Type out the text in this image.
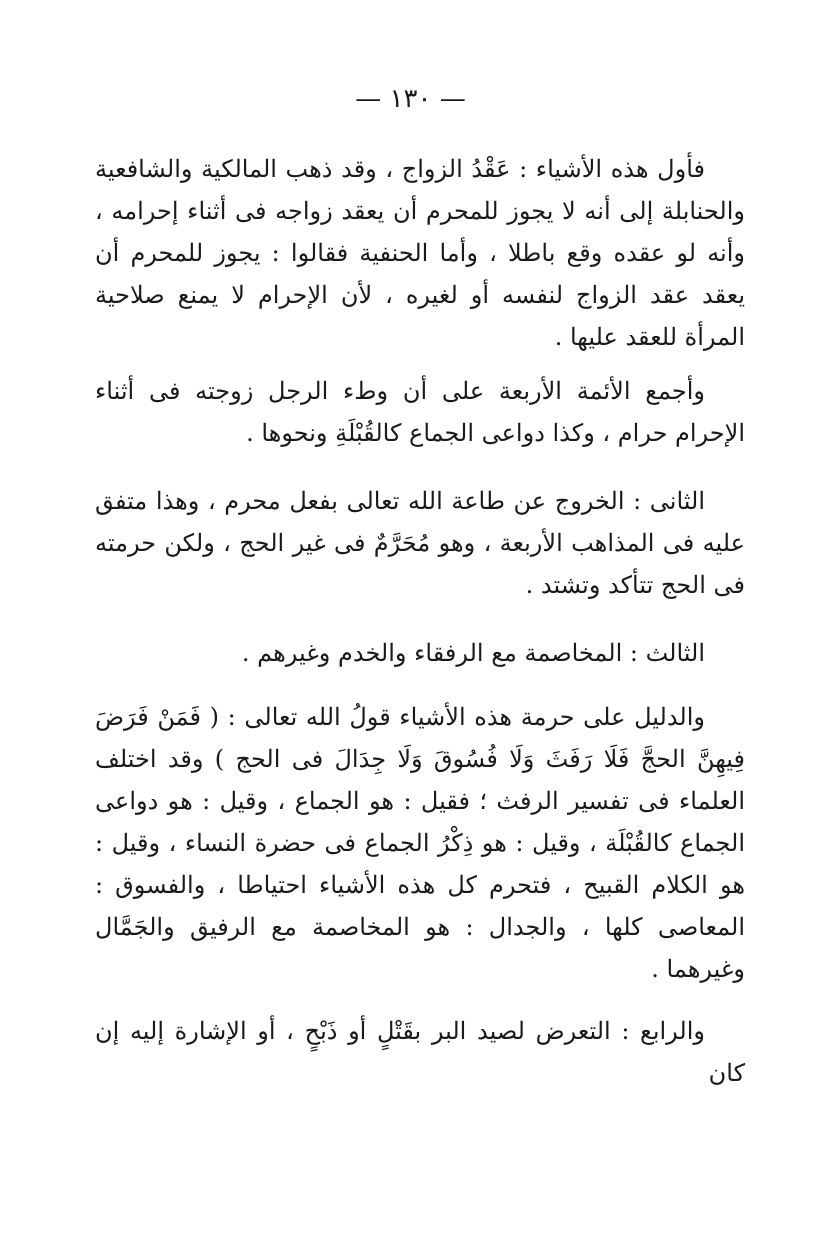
— ١٣٠ —

فأول هذه الأشياء : عَقْدُ الزواج ، وقد ذهب المالكية والشافعية والحنابلة إلى أنه لا يجوز للمحرم أن يعقد زواجه فى أثناء إحرامه ، وأنه لو عقده وقع باطلا ، وأما الحنفية فقالوا : يجوز للمحرم أن يعقد عقد الزواج لنفسه أو لغيره ، لأن الإحرام لا يمنع صلاحية المرأة للعقد عليها .

وأجمع الأئمة الأربعة على أن وطء الرجل زوجته فى أثناء الإحرام حرام ، وكذا دواعى الجماع كالقُبْلَةِ ونحوها .

الثانى : الخروج عن طاعة الله تعالى بفعل محرم ، وهذا متفق عليه فى المذاهب الأربعة ، وهو مُحَرَّمٌ فى غير الحج ، ولكن حرمته فى الحج تتأكد وتشتد .

الثالث : المخاصمة مع الرفقاء والخدم وغيرهم .

والدليل على حرمة هذه الأشياء قولُ الله تعالى : ( فَمَنْ فَرَضَ فِيهِنَّ الحجَّ فَلَا رَفَثَ وَلَا فُسُوقَ وَلَا جِدَالَ فى الحج ) وقد اختلف العلماء فى تفسير الرفث ؛ فقيل : هو الجماع ، وقيل : هو دواعى الجماع كالقُبْلَة ، وقيل : هو ذِكْرُ الجماع فى حضرة النساء ، وقيل : هو الكلام القبيح ، فتحرم كل هذه الأشياء احتياطا ، والفسوق : المعاصى كلها ، والجدال : هو المخاصمة مع الرفيق والجَمَّال وغيرهما .

والرابع : التعرض لصيد البر بقَتْلٍ أو ذَبْحٍ ، أو الإشارة إليه إن كان
